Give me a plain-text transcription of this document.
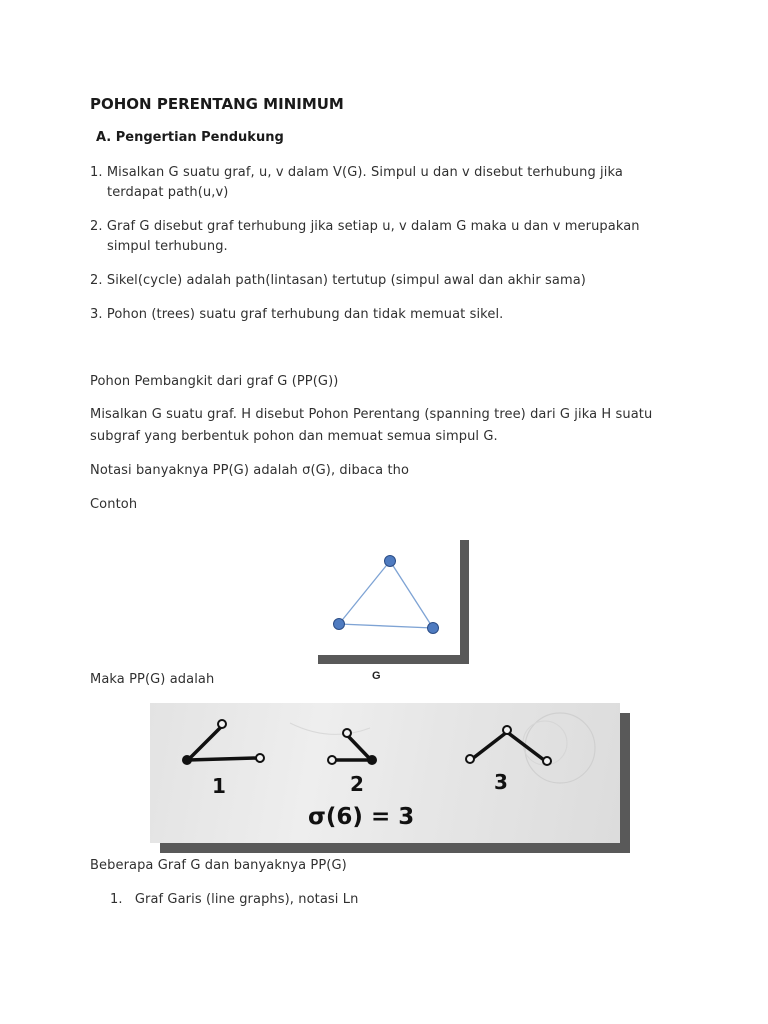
POHON PERENTANG MINIMUM
A. Pengertian Pendukung
1. Misalkan G suatu graf, u, v dalam V(G). Simpul u dan v disebut terhubung jika
terdapat path(u,v)
2. Graf G disebut graf terhubung jika setiap u, v dalam G maka u dan v merupakan
simpul terhubung.
2. Sikel(cycle) adalah path(lintasan) tertutup (simpul awal dan akhir sama)
3. Pohon (trees) suatu graf terhubung dan tidak memuat sikel.
Pohon Pembangkit dari graf G (PP(G))
Misalkan G suatu graf. H disebut Pohon Perentang (spanning tree) dari G jika H suatu
subgraf yang berbentuk pohon dan memuat semua simpul G.
Notasi banyaknya PP(G) adalah σ(G), dibaca tho
Contoh
G
Maka PP(G) adalah
1	2	3
σ(6) = 3
Beberapa Graf G dan banyaknya PP(G)
1. Graf Garis (line graphs), notasi Ln
